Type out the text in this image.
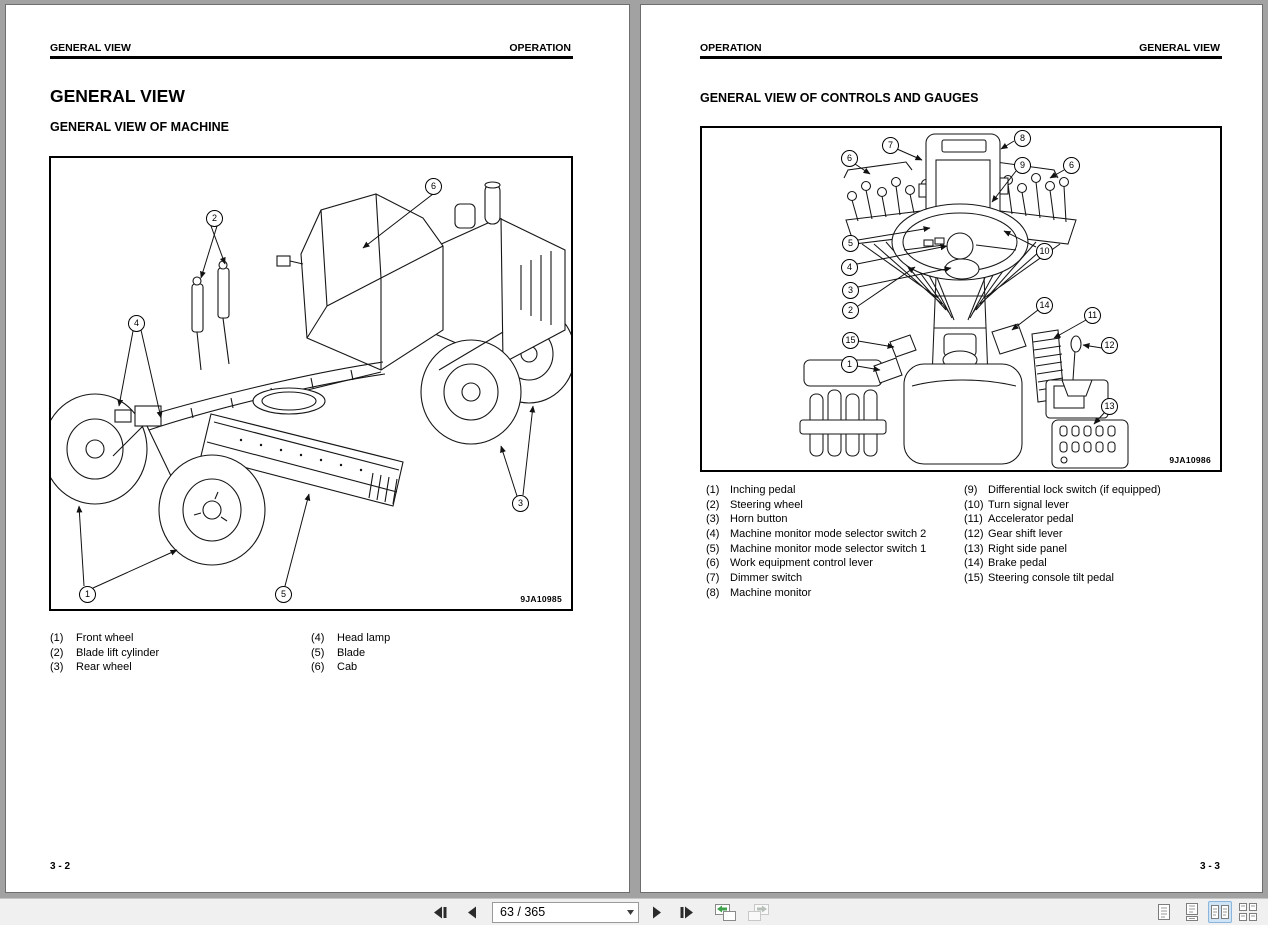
GENERAL VIEW	OPERATION
GENERAL VIEW
GENERAL VIEW OF MACHINE
6
2
4
3
1	5	9JA10985
(1) Front wheel
(2) Blade lift cylinder
(3) Rear wheel
(4) Head lamp
(5) Blade
(6) Cab
3 - 2
OPERATION	GENERAL VIEW
GENERAL VIEW OF CONTROLS AND GAUGES
7
8
6
9	6
5
4
3
2
10
14
11
12
15
1
13
9JA10986
(1) Inching pedal
(2) Steering wheel
(3) Horn button
(4) Machine monitor mode selector switch 2
(5) Machine monitor mode selector switch 1
(6) Work equipment control lever
(7) Dimmer switch
(8) Machine monitor
(9) Differential lock switch (if equipped)
(10) Turn signal lever
(11) Accelerator pedal
(12) Gear shift lever
(13) Right side panel
(14) Brake pedal
(15) Steering console tilt pedal
3 - 3
63 / 365
